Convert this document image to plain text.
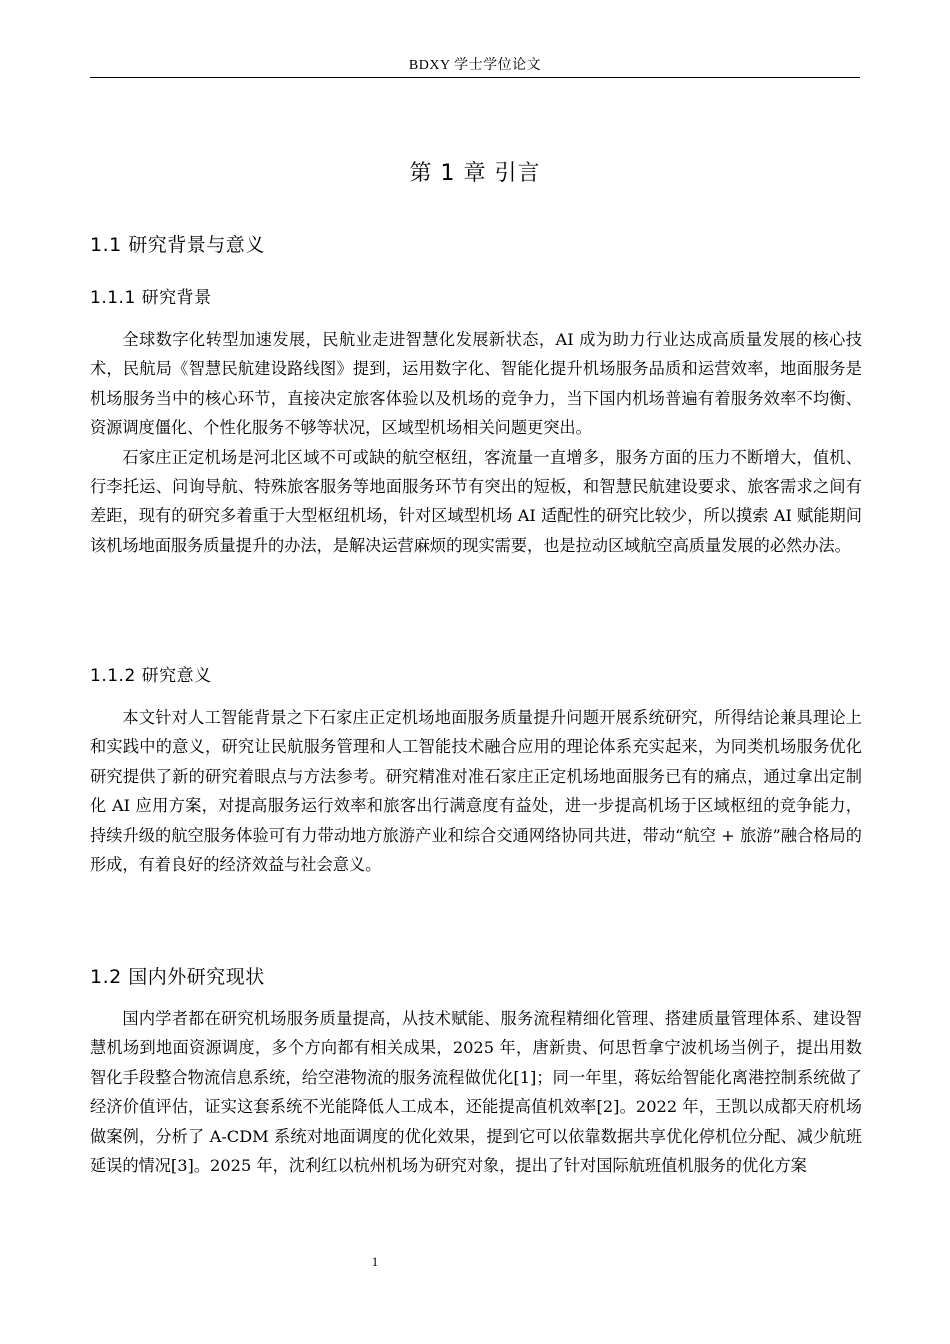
BDXY 学士学位论文
第 1 章 引言
1.1 研究背景与意义
1.1.1 研究背景

全球数字化转型加速发展，民航业走进智慧化发展新状态，AI 成为助力行业达成高质量发展的核心技术，民航局《智慧民航建设路线图》提到，运用数字化、智能化提升机场服务品质和运营效率，地面服务是机场服务当中的核心环节，直接决定旅客体验以及机场的竞争力，当下国内机场普遍有着服务效率不均衡、资源调度僵化、个性化服务不够等状况，区域型机场相关问题更突出。

石家庄正定机场是河北区域不可或缺的航空枢纽，客流量一直增多，服务方面的压力不断增大，值机、行李托运、问询导航、特殊旅客服务等地面服务环节有突出的短板，和智慧民航建设要求、旅客需求之间有差距，现有的研究多着重于大型枢纽机场，针对区域型机场 AI 适配性的研究比较少，所以摸索 AI 赋能期间该机场地面服务质量提升的办法，是解决运营麻烦的现实需要，也是拉动区域航空高质量发展的必然办法。

1.1.2 研究意义

本文针对人工智能背景之下石家庄正定机场地面服务质量提升问题开展系统研究，所得结论兼具理论上和实践中的意义，研究让民航服务管理和人工智能技术融合应用的理论体系充实起来，为同类机场服务优化研究提供了新的研究着眼点与方法参考。研究精准对准石家庄正定机场地面服务已有的痛点，通过拿出定制化 AI 应用方案，对提高服务运行效率和旅客出行满意度有益处，进一步提高机场于区域枢纽的竞争能力，持续升级的航空服务体验可有力带动地方旅游产业和综合交通网络协同共进，带动“航空 + 旅游”融合格局的形成，有着良好的经济效益与社会意义。

1.2 国内外研究现状

国内学者都在研究机场服务质量提高，从技术赋能、服务流程精细化管理、搭建质量管理体系、建设智慧机场到地面资源调度，多个方向都有相关成果，2025 年，唐新贵、何思哲拿宁波机场当例子，提出用数智化手段整合物流信息系统，给空港物流的服务流程做优化[1]；同一年里，蒋妘给智能化离港控制系统做了经济价值评估，证实这套系统不光能降低人工成本，还能提高值机效率[2]。2022 年，王凯以成都天府机场做案例，分析了 A-CDM 系统对地面调度的优化效果，提到它可以依靠数据共享优化停机位分配、减少航班延误的情况[3]。2025 年，沈利红以杭州机场为研究对象，提出了针对国际航班值机服务的优化方案

1
